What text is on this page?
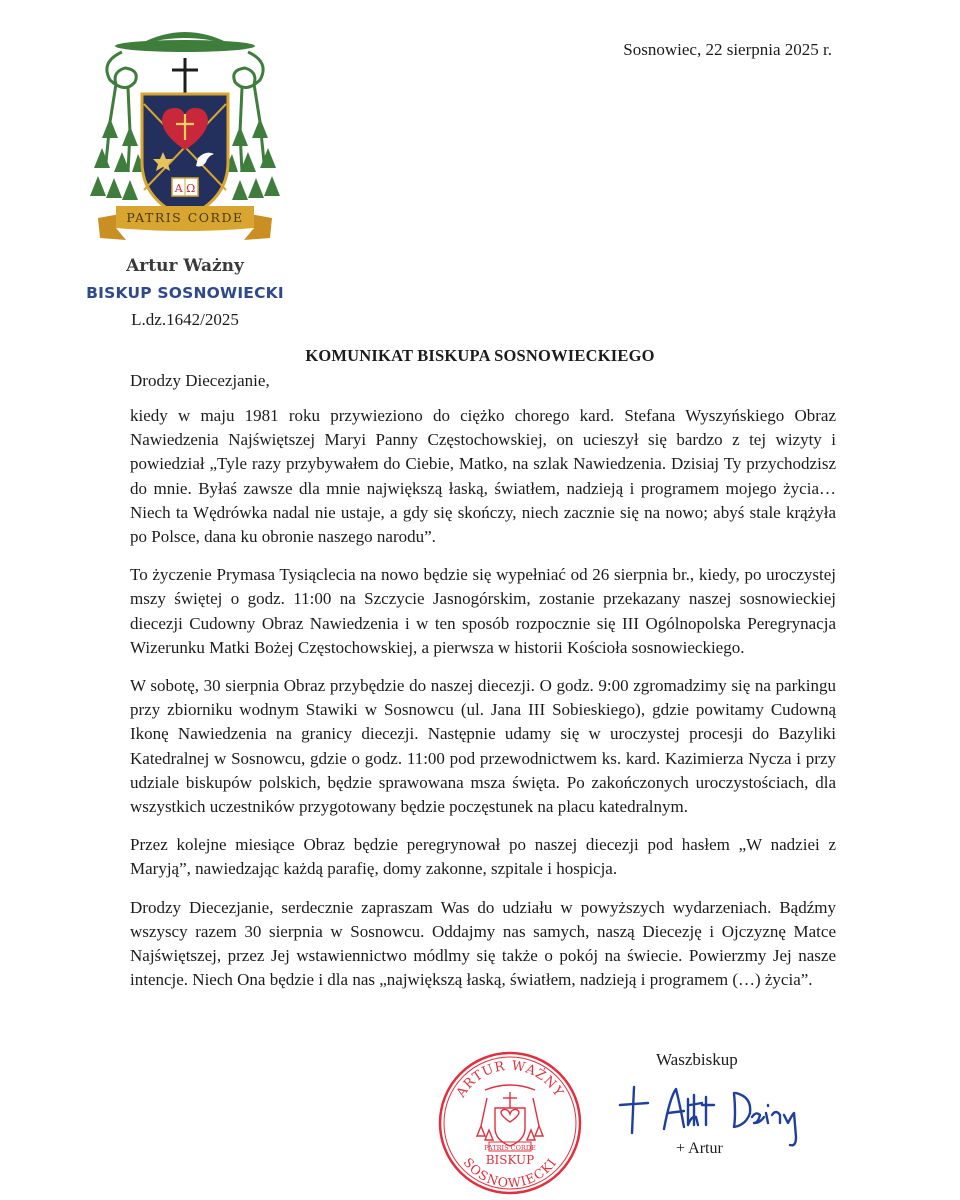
A Ω
PATRIS CORDE
Sosnowiec, 22 sierpnia 2025 r.
Artur Ważny
BISKUP SOSNOWIECKI
L.dz.1642/2025
KOMUNIKAT BISKUPA SOSNOWIECKIEGO
Drodzy Diecezjanie,

kiedy w maju 1981 roku przywieziono do ciężko chorego kard. Stefana Wyszyńskiego Obraz Nawiedzenia Najświętszej Maryi Panny Częstochowskiej, on ucieszył się bardzo z tej wizyty i powiedział „Tyle razy przybywałem do Ciebie, Matko, na szlak Nawiedzenia. Dzisiaj Ty przychodzisz do mnie. Byłaś zawsze dla mnie największą łaską, światłem, nadzieją i programem mojego życia… Niech ta Wędrówka nadal nie ustaje, a gdy się skończy, niech zacznie się na nowo; abyś stale krążyła po Polsce, dana ku obronie naszego narodu”.

To życzenie Prymasa Tysiąclecia na nowo będzie się wypełniać od 26 sierpnia br., kiedy, po uroczystej mszy świętej o godz. 11:00 na Szczycie Jasnogórskim, zostanie przekazany naszej sosnowieckiej diecezji Cudowny Obraz Nawiedzenia i w ten sposób rozpocznie się III Ogólnopolska Peregrynacja Wizerunku Matki Bożej Częstochowskiej, a pierwsza w historii Kościoła sosnowieckiego.

W sobotę, 30 sierpnia Obraz przybędzie do naszej diecezji. O godz. 9:00 zgromadzimy się na parkingu przy zbiorniku wodnym Stawiki w Sosnowcu (ul. Jana III Sobieskiego), gdzie powitamy Cudowną Ikonę Nawiedzenia na granicy diecezji. Następnie udamy się w uroczystej procesji do Bazyliki Katedralnej w Sosnowcu, gdzie o godz. 11:00 pod przewodnictwem ks. kard. Kazimierza Nycza i przy udziale biskupów polskich, będzie sprawowana msza święta. Po zakończonych uroczystościach, dla wszystkich uczestników przygotowany będzie poczęstunek na placu katedralnym.

Przez kolejne miesiące Obraz będzie peregrynował po naszej diecezji pod hasłem „W nadziei z Maryją”, nawiedzając każdą parafię, domy zakonne, szpitale i hospicja.

Drodzy Diecezjanie, serdecznie zapraszam Was do udziału w powyższych wydarzeniach. Bądźmy wszyscy razem 30 sierpnia w Sosnowcu. Oddajmy nas samych, naszą Diecezję i Ojczyznę Matce Najświętszej, przez Jej wstawiennictwo módlmy się także o pokój na świecie. Powierzmy Jej nasze intencje. Niech Ona będzie i dla nas „największą łaską, światłem, nadzieją i programem (…) życia”.

ARTUR WAŻNY
SOSNOWIECKI
PATRIS CORDE
BISKUP
Waszbiskup
+ Artur
